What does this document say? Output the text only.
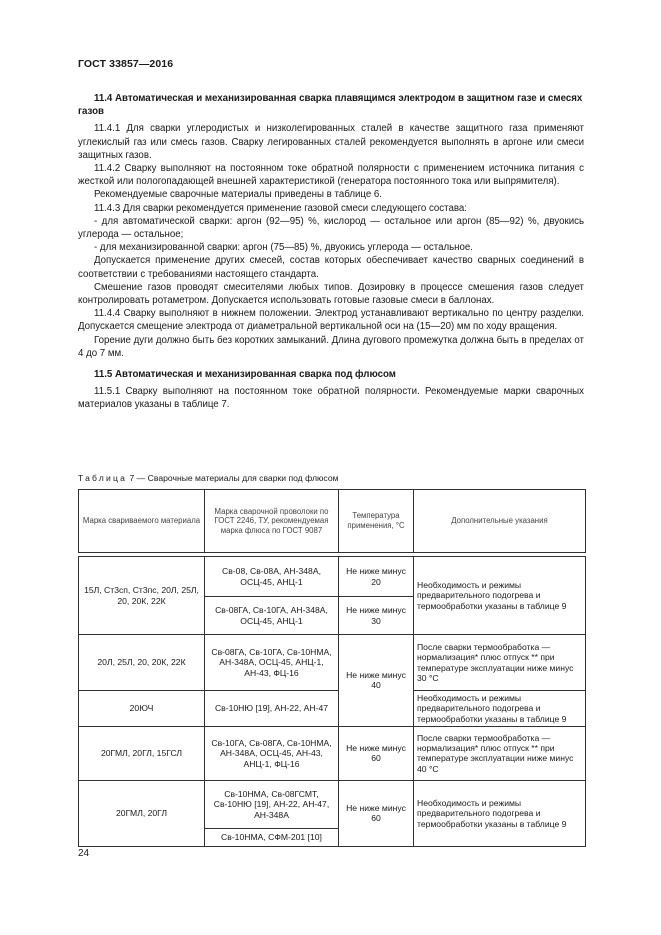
ГОСТ 33857—2016
11.4 Автоматическая и механизированная сварка плавящимся электродом в защитном газе и смесях газов

11.4.1 Для сварки углеродистых и низколегированных сталей в качестве защитного газа применяют углекислый газ или смесь газов. Сварку легированных сталей рекомендуется выполнять в аргоне или смеси защитных газов.

11.4.2 Сварку выполняют на постоянном токе обратной полярности с применением источника питания с жесткой или пологопадающей внешней характеристикой (генератора постоянного тока или выпрямителя).

Рекомендуемые сварочные материалы приведены в таблице 6.

11.4.3 Для сварки рекомендуется применение газовой смеси следующего состава:

- для автоматической сварки: аргон (92—95) %, кислород — остальное или аргон (85—92) %, двуокись углерода — остальное;

- для механизированной сварки: аргон (75—85) %, двуокись углерода — остальное.

Допускается применение других смесей, состав которых обеспечивает качество сварных соединений в соответствии с требованиями настоящего стандарта.

Смешение газов проводят смесителями любых типов. Дозировку в процессе смешения газов следует контролировать ротаметром. Допускается использовать готовые газовые смеси в баллонах.

11.4.4 Сварку выполняют в нижнем положении. Электрод устанавливают вертикально по центру разделки. Допускается смещение электрода от диаметральной вертикальной оси на (15—20) мм по ходу вращения.

Горение дуги должно быть без коротких замыканий. Длина дугового промежутка должна быть в пределах от 4 до 7 мм.

11.5 Автоматическая и механизированная сварка под флюсом

11.5.1 Сварку выполняют на постоянном токе обратной полярности. Рекомендуемые марки сварочных материалов указаны в таблице 7.

Таблица 7 — Сварочные материалы для сварки под флюсом
Марка свариваемого материала	Марка сварочной проволоки по ГОСТ 2246, ТУ, рекомендуемая марка флюса по ГОСТ 9087	Температура применения, °С	Дополнительные указания

15Л, Ст3сп, Ст3пс, 20Л, 25Л, 20, 20К, 22К	Св-08, Св-08А, АН-348А, ОСЦ-45, АНЦ-1	Не ниже минус 20	Необходимость и режимы предварительного подогрева и термообработки указаны в таблице 9
	Св-08ГА, Св-10ГА, АН-348А, ОСЦ-45, АНЦ-1	Не ниже минус 30	
20Л, 25Л, 20, 20К, 22К	Св-08ГА, Св-10ГА, Св-10НМА, АН-348А, ОСЦ-45, АНЦ-1, АН-43, ФЦ-16	Не ниже минус 40	После сварки термообработка — нормализация* плюс отпуск ** при температуре эксплуатации ниже минус 30 °С
20ЮЧ	Св-10НЮ [19], АН-22, АН-47		Необходимость и режимы предварительного подогрева и термообработки указаны в таблице 9
20ГМЛ, 20ГЛ, 15ГСЛ	Св-10ГА, Св-08ГА, Св-10НМА, АН-348А, ОСЦ-45, АН-43, АНЦ-1, ФЦ-16	Не ниже минус 60	После сварки термообработка — нормализация* плюс отпуск ** при температуре эксплуатации ниже минус 40 °С
20ГМЛ, 20ГЛ	Св-10НМА, Св-08ГСМТ, Св-10НЮ [19], АН-22, АН-47, АН-348А	Не ниже минус 60	Необходимость и режимы предварительного подогрева и термообработки указаны в таблице 9
	Св-10НМА, СФМ-201 [10]		
24
